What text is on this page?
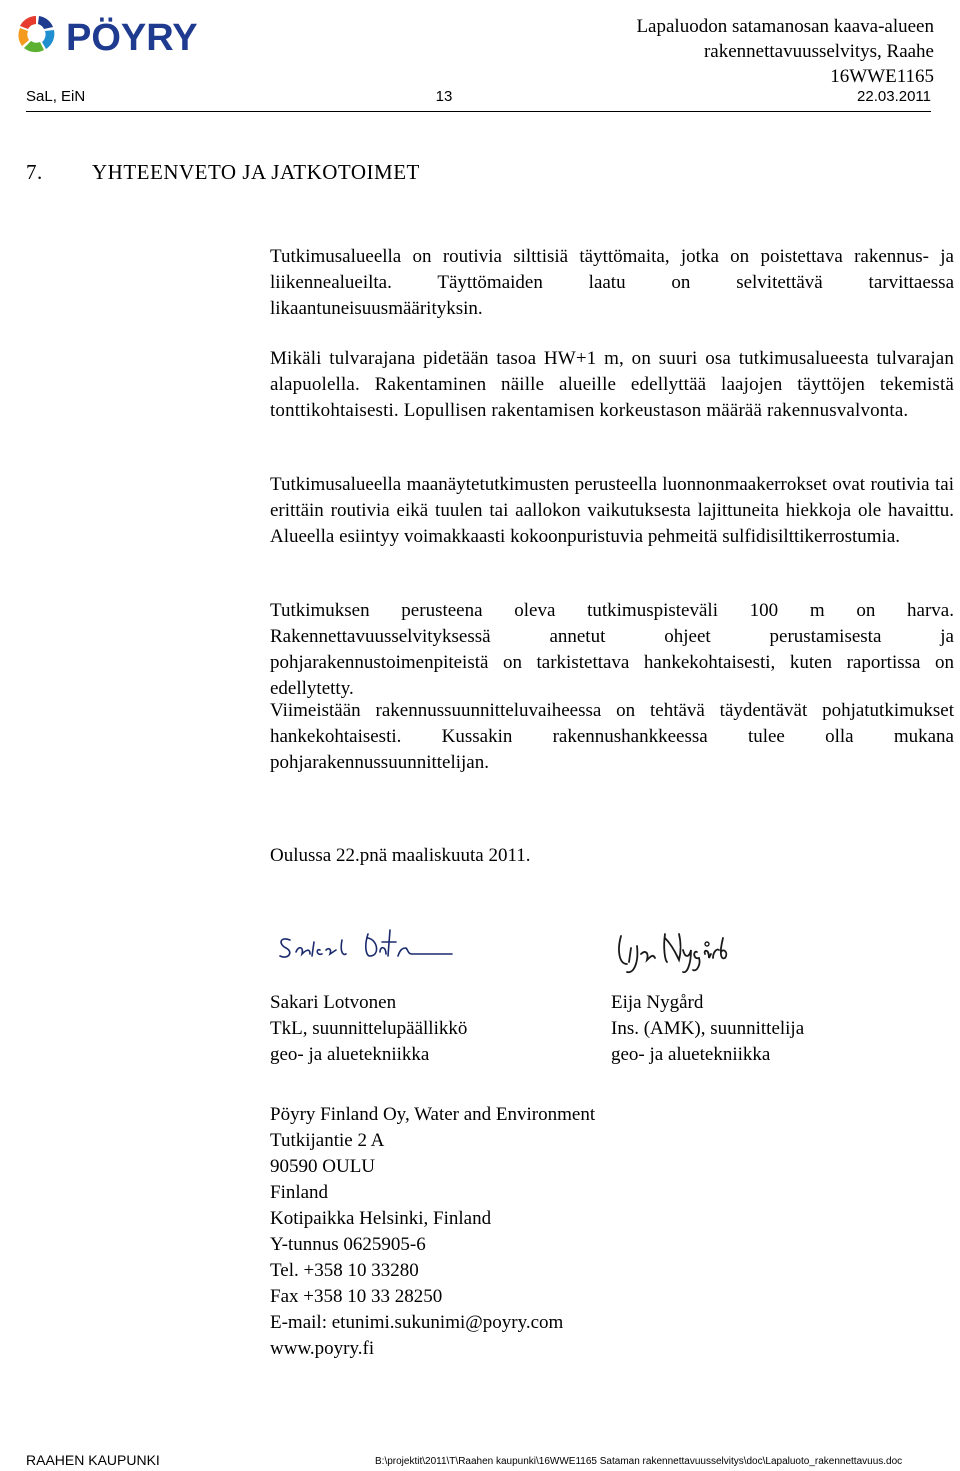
PÖYRY	Lapaluodon satamanosan kaava-alueen
rakennettavuusselvitys, Raahe
16WWE1165
SaL, EiN	13	22.03.2011
7. YHTEENVETO JA JATKOTOIMET
Tutkimusalueella on routivia silttisiä täyttömaita, jotka on poistettava rakennus- ja liikennealueilta. Täyttömaiden laatu on selvitettävä tarvittaessa likaantuneisuusmäärityksin.
Mikäli tulvarajana pidetään tasoa HW+1 m, on suuri osa tutkimusalueesta tulvarajan alapuolella. Rakentaminen näille alueille edellyttää laajojen täyttöjen tekemistä tonttikohtaisesti. Lopullisen rakentamisen korkeustason määrää rakennusvalvonta.
Tutkimusalueella maanäytetutkimusten perusteella luonnonmaakerrokset ovat routivia tai erittäin routivia eikä tuulen tai aallokon vaikutuksesta lajittuneita hiekkoja ole havaittu. Alueella esiintyy voimakkaasti kokoonpuristuvia pehmeitä sulfidisilttikerrostumia.
Tutkimuksen perusteena oleva tutkimuspisteväli 100 m on harva. Rakennettavuusselvityksessä annetut ohjeet perustamisesta ja pohjarakennustoimenpiteistä on tarkistettava hankekohtaisesti, kuten raportissa on edellytetty.
Viimeistään rakennussuunnitteluvaiheessa on tehtävä täydentävät pohjatutkimukset hankekohtaisesti. Kussakin rakennushankkeessa tulee olla mukana pohjarakennussuunnittelijan.
Oulussa 22.pnä maaliskuuta 2011.
Sakari Lotvonen
TkL, suunnittelupäällikkö
geo- ja aluetekniikka
Eija Nygård
Ins. (AMK), suunnittelija
geo- ja aluetekniikka
Pöyry Finland Oy, Water and Environment
Tutkijantie 2 A
90590 OULU
Finland
Kotipaikka Helsinki, Finland
Y-tunnus 0625905-6
Tel. +358 10 33280
Fax +358 10 33 28250
E-mail: etunimi.sukunimi@poyry.com
www.poyry.fi
RAAHEN KAUPUNKI	B:\projektit\2011\T\Raahen kaupunki\16WWE1165 Sataman rakennettavuusselvitys\doc\Lapaluoto_rakennettavuus.doc
